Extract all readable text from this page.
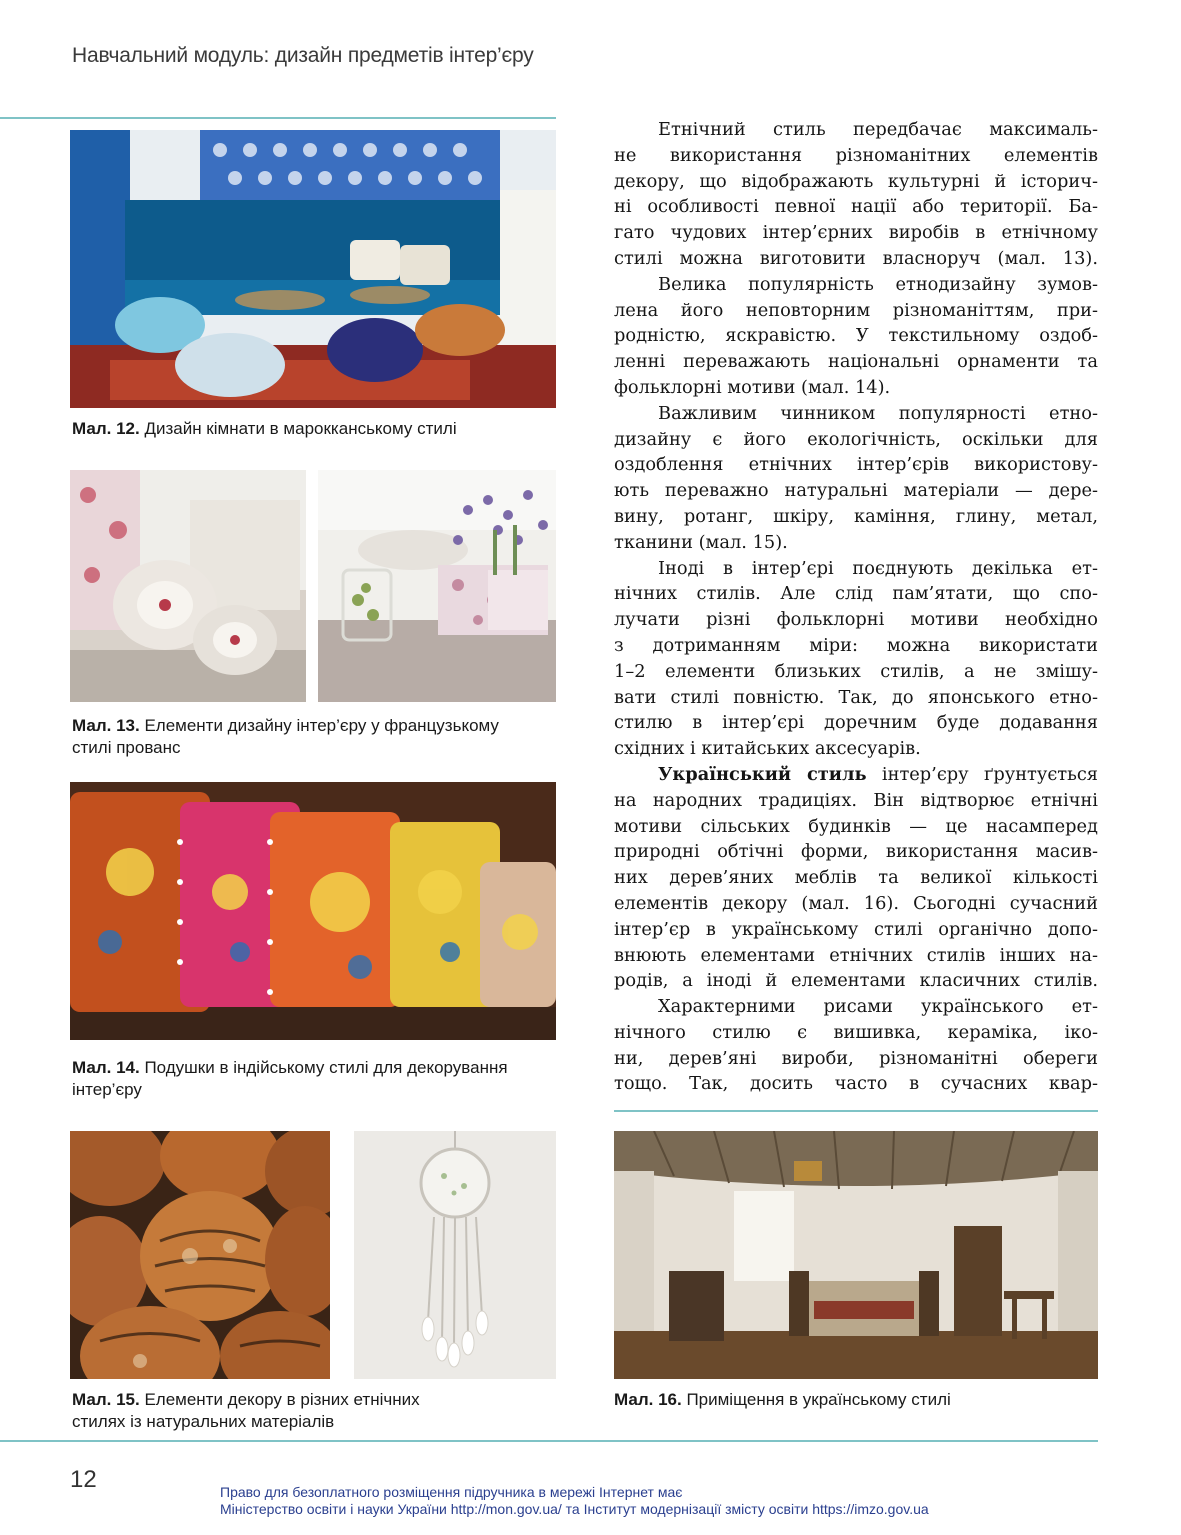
Навчальний модуль: дизайн предметів інтер’єру
Мал. 12. Дизайн кімнати в марокканському стилі
Мал. 13. Елементи дизайну інтер’єру у французькому
стилі прованс
Мал. 14. Подушки в індійському стилі для декорування
інтер’єру
Мал. 15. Елементи декору в різних етнічних
стилях із натуральних матеріалів
Мал. 16. Приміщення в українському стилі
Етнічний стиль передбачає максималь-
не використання різноманітних елементів
декору, що відображають культурні й історич-
ні особливості певної нації або території. Ба-
гато чудових інтер’єрних виробів в етнічному
стилі можна виготовити власноруч (мал. 13).
Велика популярність етнодизайну зумов-
лена його неповторним різноманіттям, при-
родністю, яскравістю. У текстильному оздоб-
ленні переважають національні орнаменти та
фольклорні мотиви (мал. 14).
Важливим чинником популярності етно-
дизайну є його екологічність, оскільки для
оздоблення етнічних інтер’єрів використову-
ють переважно натуральні матеріали — дере-
вину, ротанг, шкіру, каміння, глину, метал,
тканини (мал. 15).
Іноді в інтер’єрі поєднують декілька ет-
нічних стилів. Але слід пам’ятати, що спо-
лучати різні фольклорні мотиви необхідно
з дотриманням міри: можна використати
1–2 елементи близьких стилів, а не змішу-
вати стилі повністю. Так, до японського етно-
стилю в інтер’єрі доречним буде додавання
східних і китайських аксесуарів.
Український стиль інтер’єру ґрунтується
на народних традиціях. Він відтворює етнічні
мотиви сільських будинків — це насамперед
природні обтічні форми, використання масив-
них дерев’яних меблів та великої кількості
елементів декору (мал. 16). Сьогодні сучасний
інтер’єр в українському стилі органічно допо-
внюють елементами етнічних стилів інших на-
родів, а іноді й елементами класичних стилів.
Характерними рисами українського ет-
нічного стилю є вишивка, кераміка, іко-
ни, дерев’яні вироби, різноманітні обереги
тощо. Так, досить часто в сучасних квар-
12	Право для безоплатного розміщення підручника в мережі Інтернет має
Міністерство освіти і науки України http://mon.gov.ua/ та Інститут модернізації змісту освіти https://imzo.gov.ua
